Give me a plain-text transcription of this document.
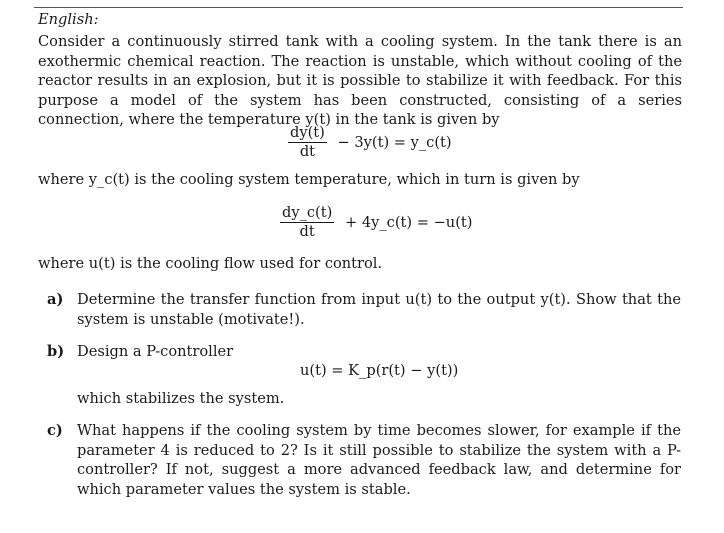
English:
Consider a continuously stirred tank with a cooling system. In the tank there is an exothermic chemical reaction. The reaction is unstable, which without cooling of the reactor results in an explosion, but it is possible to stabilize it with feedback. For this purpose a model of the system has been constructed, consisting of a series connection, where the temperature y(t) in the tank is given by
$\frac{dy(t)}{dt} - 3y(t)$ = y_c(t)
where y_c(t) is the cooling system temperature, which in turn is given by
$\frac{dy\_c(t)}{dt}$ + 4y_c(t) = −u(t)
where u(t) is the cooling flow used for control.
a) Determine the transfer function from input u(t) to the output y(t). Show that the system is unstable (motivate!).
b) Design a P-controller
u(t) = K_p(r(t) − y(t))
which stabilizes the system.
c) What happens if the cooling system by time becomes slower, for example if the parameter 4 is reduced to 2? Is it still possible to stabilize the system with a P-controller? If not, suggest a more advanced feedback law, and determine for which parameter values the system is stable.
